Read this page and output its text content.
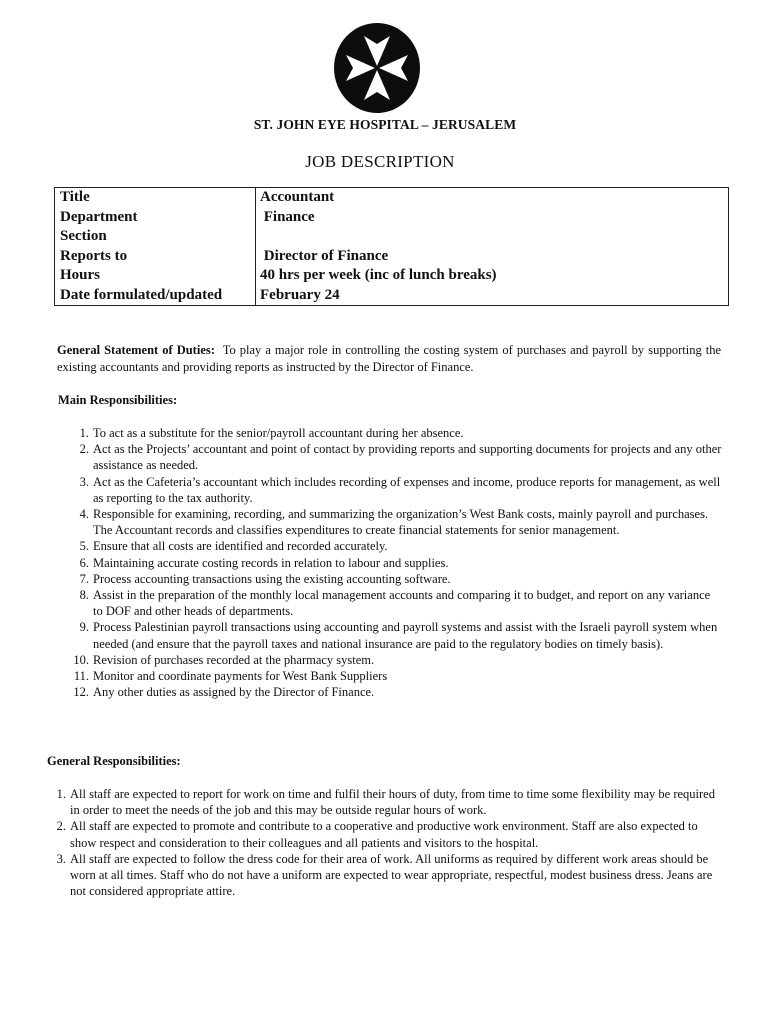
ST. JOHN EYE HOSPITAL – JERUSALEM
JOB DESCRIPTION
Title	Accountant
Department	Finance
Section	
Reports to	Director of Finance
Hours	40 hrs per week (inc of lunch breaks)
Date formulated/updated	February 24
General Statement of Duties: To play a major role in controlling the costing system of purchases and payroll by supporting the existing accountants and providing reports as instructed by the Director of Finance.
Main Responsibilities:
1. To act as a substitute for the senior/payroll accountant during her absence.
2. Act as the Projects’ accountant and point of contact by providing reports and supporting documents for projects and any other assistance as needed.
3. Act as the Cafeteria’s accountant which includes recording of expenses and income, produce reports for management, as well as reporting to the tax authority.
4. Responsible for examining, recording, and summarizing the organization’s West Bank costs, mainly payroll and purchases. The Accountant records and classifies expenditures to create financial statements for senior management.
5. Ensure that all costs are identified and recorded accurately.
6. Maintaining accurate costing records in relation to labour and supplies.
7. Process accounting transactions using the existing accounting software.
8. Assist in the preparation of the monthly local management accounts and comparing it to budget, and report on any variance to DOF and other heads of departments.
9. Process Palestinian payroll transactions using accounting and payroll systems and assist with the Israeli payroll system when needed (and ensure that the payroll taxes and national insurance are paid to the regulatory bodies on timely basis).
10. Revision of purchases recorded at the pharmacy system.
11. Monitor and coordinate payments for West Bank Suppliers
12. Any other duties as assigned by the Director of Finance.
General Responsibilities:
1. All staff are expected to report for work on time and fulfil their hours of duty, from time to time some flexibility may be required in order to meet the needs of the job and this may be outside regular hours of work.
2. All staff are expected to promote and contribute to a cooperative and productive work environment. Staff are also expected to show respect and consideration to their colleagues and all patients and visitors to the hospital.
3. All staff are expected to follow the dress code for their area of work. All uniforms as required by different work areas should be worn at all times. Staff who do not have a uniform are expected to wear appropriate, respectful, modest business dress. Jeans are not considered appropriate attire.
